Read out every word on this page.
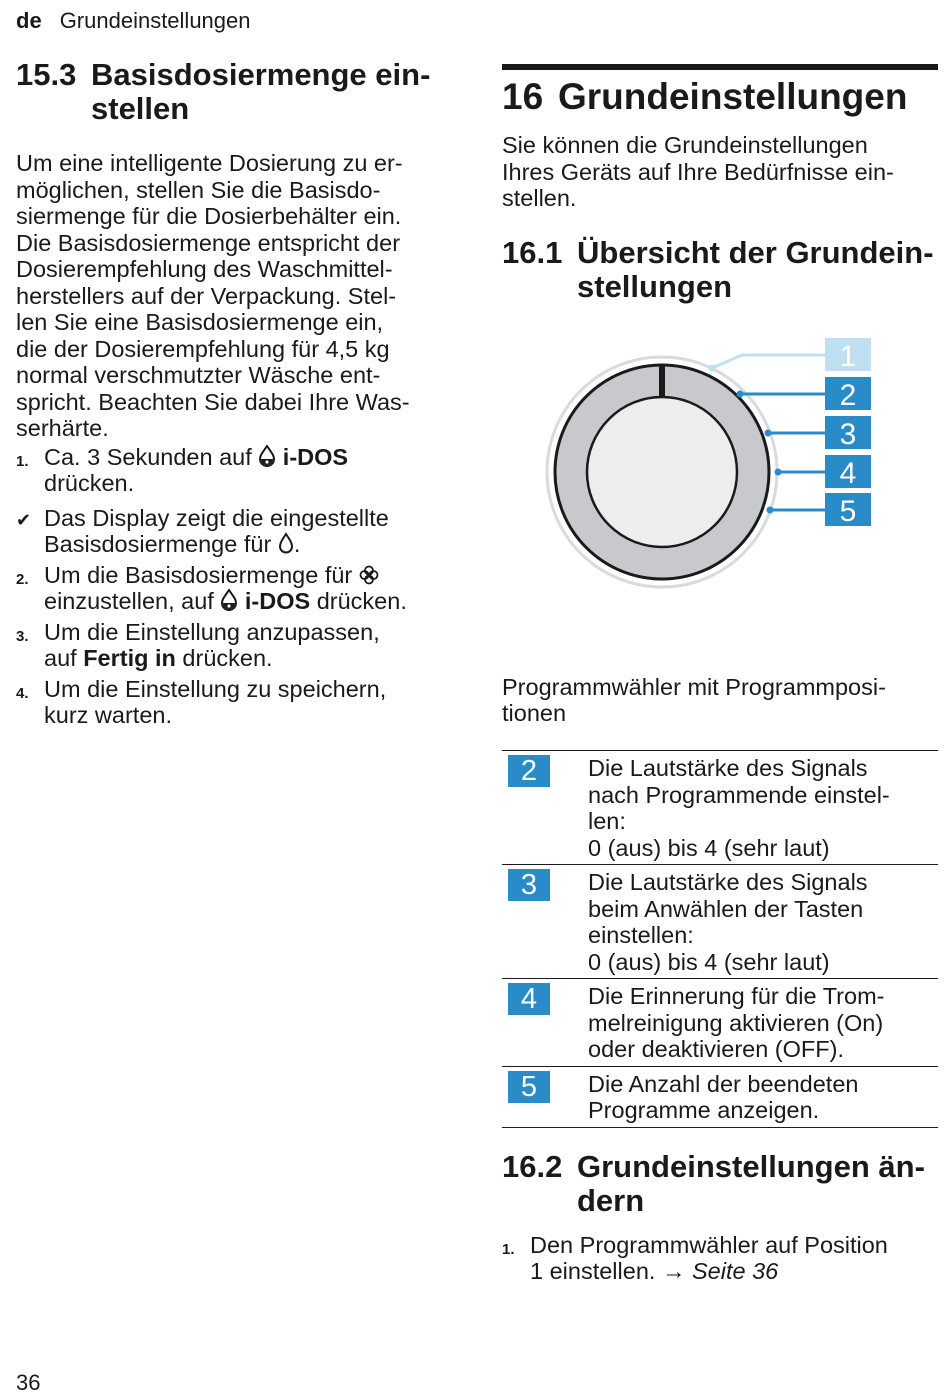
de Grundeinstellungen
15.3 Basisdosiermenge ein-
stellen

Um eine intelligente Dosierung zu er-
möglichen, stellen Sie die Basisdo-
siermenge für die Dosierbehälter ein.
Die Basisdosiermenge entspricht der
Dosierempfehlung des Waschmittel-
herstellers auf der Verpackung. Stel-
len Sie eine Basisdosiermenge ein,
die der Dosierempfehlung für 4,5 kg
normal verschmutzter Wäsche ent-
spricht. Beachten Sie dabei Ihre Was-
serhärte.

1. Ca. 3 Sekunden auf  i-DOS
drücken.
✔ Das Display zeigt die eingestellte
Basisdosiermenge für .
2. Um die Basisdosiermenge für
einzustellen, auf  i-DOS drücken.
3. Um die Einstellung anzupassen,
auf Fertig in drücken.
4. Um die Einstellung zu speichern,
kurz warten.
16 Grundeinstellungen

Sie können die Grundeinstellungen
Ihres Geräts auf Ihre Bedürfnisse ein-
stellen.

16.1 Übersicht der Grundein-
stellungen
1
2
3
4
5

Programmwähler mit Programmposi-
tionen

2	Die Lautstärke des Signals
nach Programmende einstel-
len:
0 (aus) bis 4 (sehr laut)
3	Die Lautstärke des Signals
beim Anwählen der Tasten
einstellen:
0 (aus) bis 4 (sehr laut)
4	Die Erinnerung für die Trom-
melreinigung aktivieren (On)
oder deaktivieren (OFF).
5	Die Anzahl der beendeten
Programme anzeigen.
16.2 Grundeinstellungen än-
dern
1. Den Programmwähler auf Position
1 einstellen. → Seite 36
36
